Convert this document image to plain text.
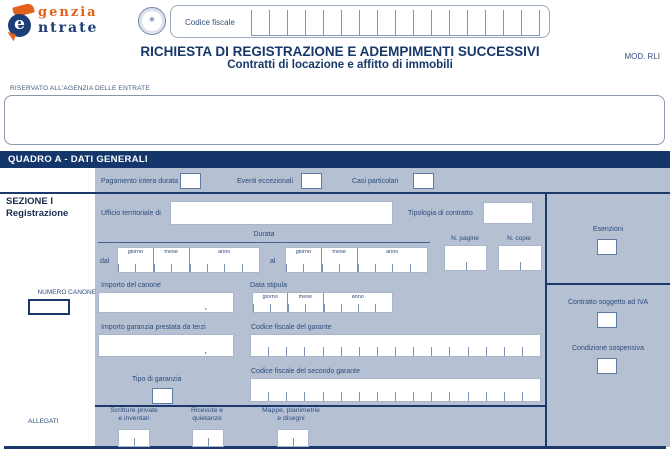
e
genzia
ntrate	✶	Codice fiscale
RICHIESTA DI REGISTRAZIONE E ADEMPIMENTI SUCCESSIVI
Contratti di locazione e affitto di immobili
MOD. RLI
RISERVATO ALL'AGENZIA DELLE ENTRATE
QUADRO A - DATI GENERALI
SEZIONE I
Registrazione
NUMERO CANONE
ALLEGATI
Pagamento intera durata	Eventi eccezionali	Casi particolari
Ufficio territoriale di	Tipologia di contratto
Durata
dal
giorno	mese	anno
al
giorno	mese	anno
N. pagine	N. copie
Esenzioni
Contratto soggetto ad IVA
Condizione sospensiva
Importo del canone
,
Data stipula
giorno	mese	anno
Importo garanzia prestata da terzi
,
Codice fiscale del garante
Tipo di garanzia
Codice fiscale del secondo garante
Scritture private
e inventari
Ricevute e
quietanze
Mappe, planimetrie
e disegni
